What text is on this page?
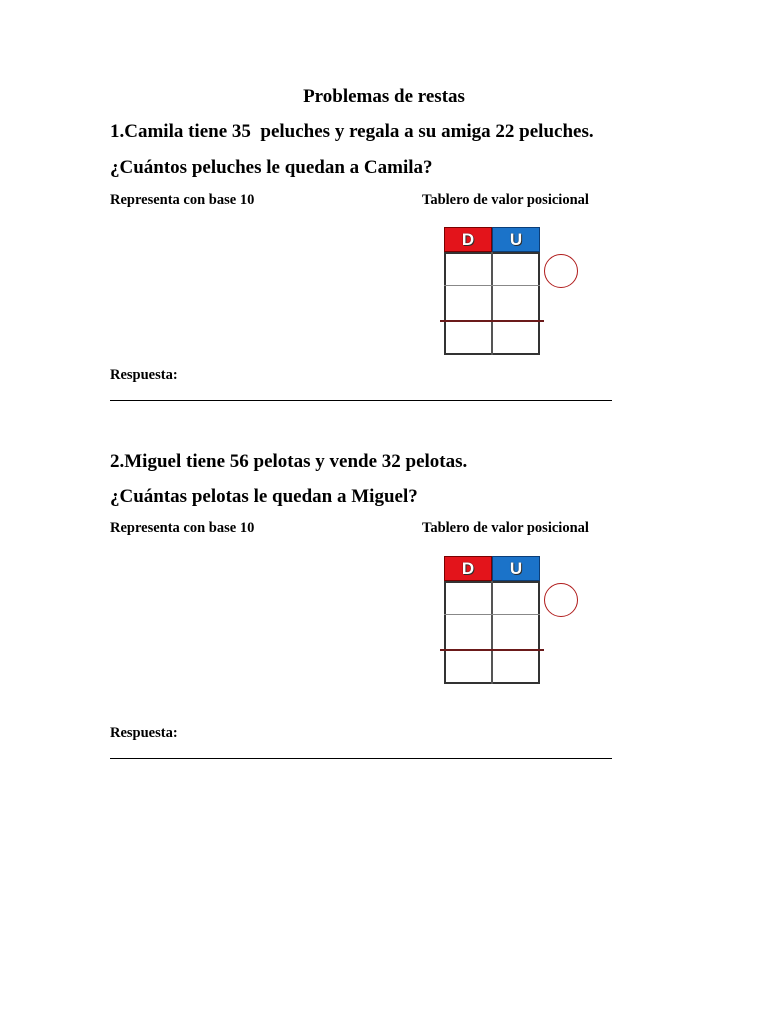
Problemas de restas
1.Camila tiene 35  peluches y regala a su amiga 22 peluches.
¿Cuántos peluches le quedan a Camila?
Representa con base 10	Tablero de valor posicional
D	U
Respuesta:
2.Miguel tiene 56 pelotas y vende 32 pelotas.
¿Cuántas pelotas le quedan a Miguel?
Representa con base 10	Tablero de valor posicional
D	U
Respuesta:
